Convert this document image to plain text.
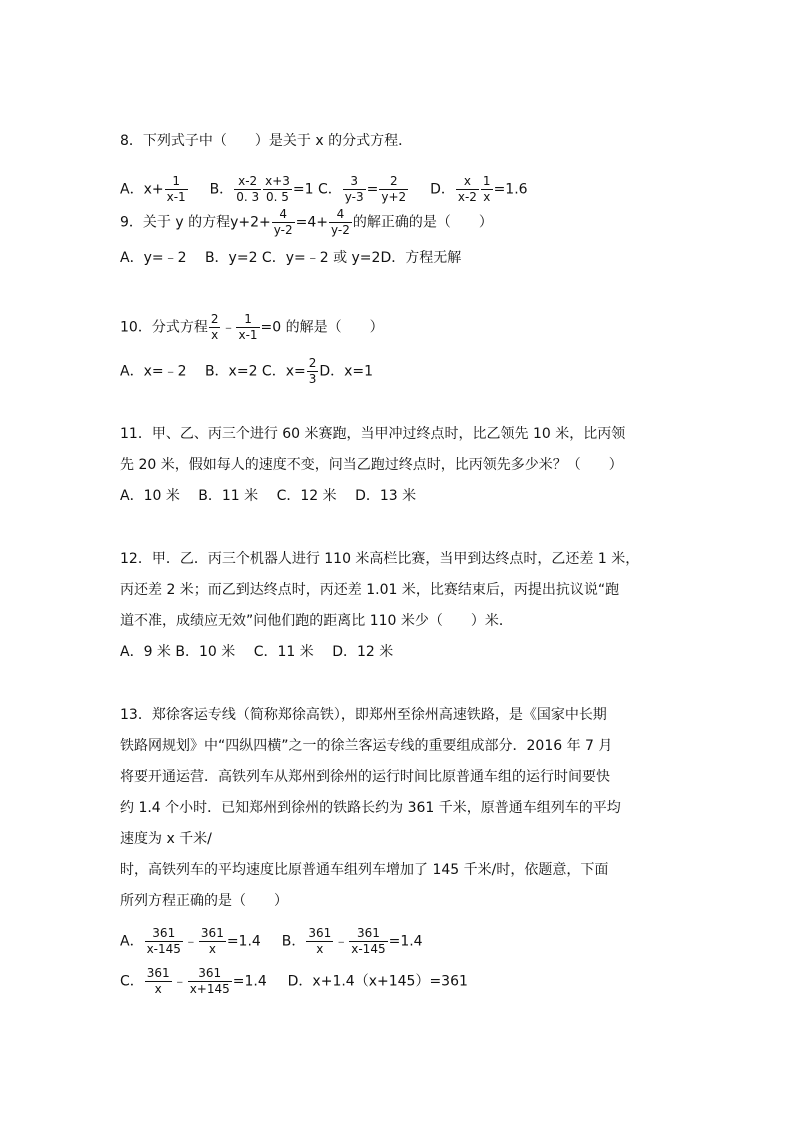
8．下列式子中（　　）是关于 x 的分式方程．
A．$x+ \frac{1}{x-1}$ B． $\frac{x-2}{0. 3} \frac{x+3}{0. 5} =1$ C． $\frac{3}{y-3} = \frac{2}{y+2}$ D． $\frac{x}{x-2} \frac{1}{x} =1.6$
9．关于 y 的方程$y+2+ \frac{4}{y-2} =4+ \frac{4}{y-2}$ 的解正确的是（　　）
A．y=﹣2　 B．y=2 C．y=﹣2 或 y=2D．方程无解
10．分式方程 $\frac{2}{x}$ ﹣ $\frac{1}{x-1} =0$ 的解是（　　）
A．x=﹣2　 B．x=2 C．$x= \frac{2}{3}$ D．x=1
11．甲、乙、丙三个进行 60 米赛跑，当甲冲过终点时，比乙领先 10 米，比丙领
先 20 米，假如每人的速度不变，问当乙跑过终点时，比丙领先多少米？（　　）
A．10 米　 B．11 米　 C．12 米　 D．13 米
12．甲．乙．丙三个机器人进行 110 米高栏比赛，当甲到达终点时，乙还差 1 米，
丙还差 2 米；而乙到达终点时，丙还差 1.01 米，比赛结束后，丙提出抗议说“跑
道不准，成绩应无效”问他们跑的距离比 110 米少（　　）米．
A．9 米 B．10 米　 C．11 米　 D．12 米
13．郑徐客运专线（简称郑徐高铁），即郑州至徐州高速铁路，是《国家中长期
铁路网规划》中“四纵四横”之一的徐兰客运专线的重要组成部分．2016 年 7 月
将要开通运营．高铁列车从郑州到徐州的运行时间比原普通车组的运行时间要快
约 1.4 个小时．已知郑州到徐州的铁路长约为 361 千米，原普通车组列车的平均
速度为 x 千米/
时，高铁列车的平均速度比原普通车组列车增加了 145 千米/时，依题意，下面
所列方程正确的是（　　）
A． $\frac{361}{x-145}$ ﹣ $\frac{361}{x} =1.4$ B． $\frac{361}{x}$ ﹣ $\frac{361}{x-145} =1.4$
C． $\frac{361}{x}$ ﹣ $\frac{361}{x+145} =1.4$ D．x+1.4（x+145）=361
